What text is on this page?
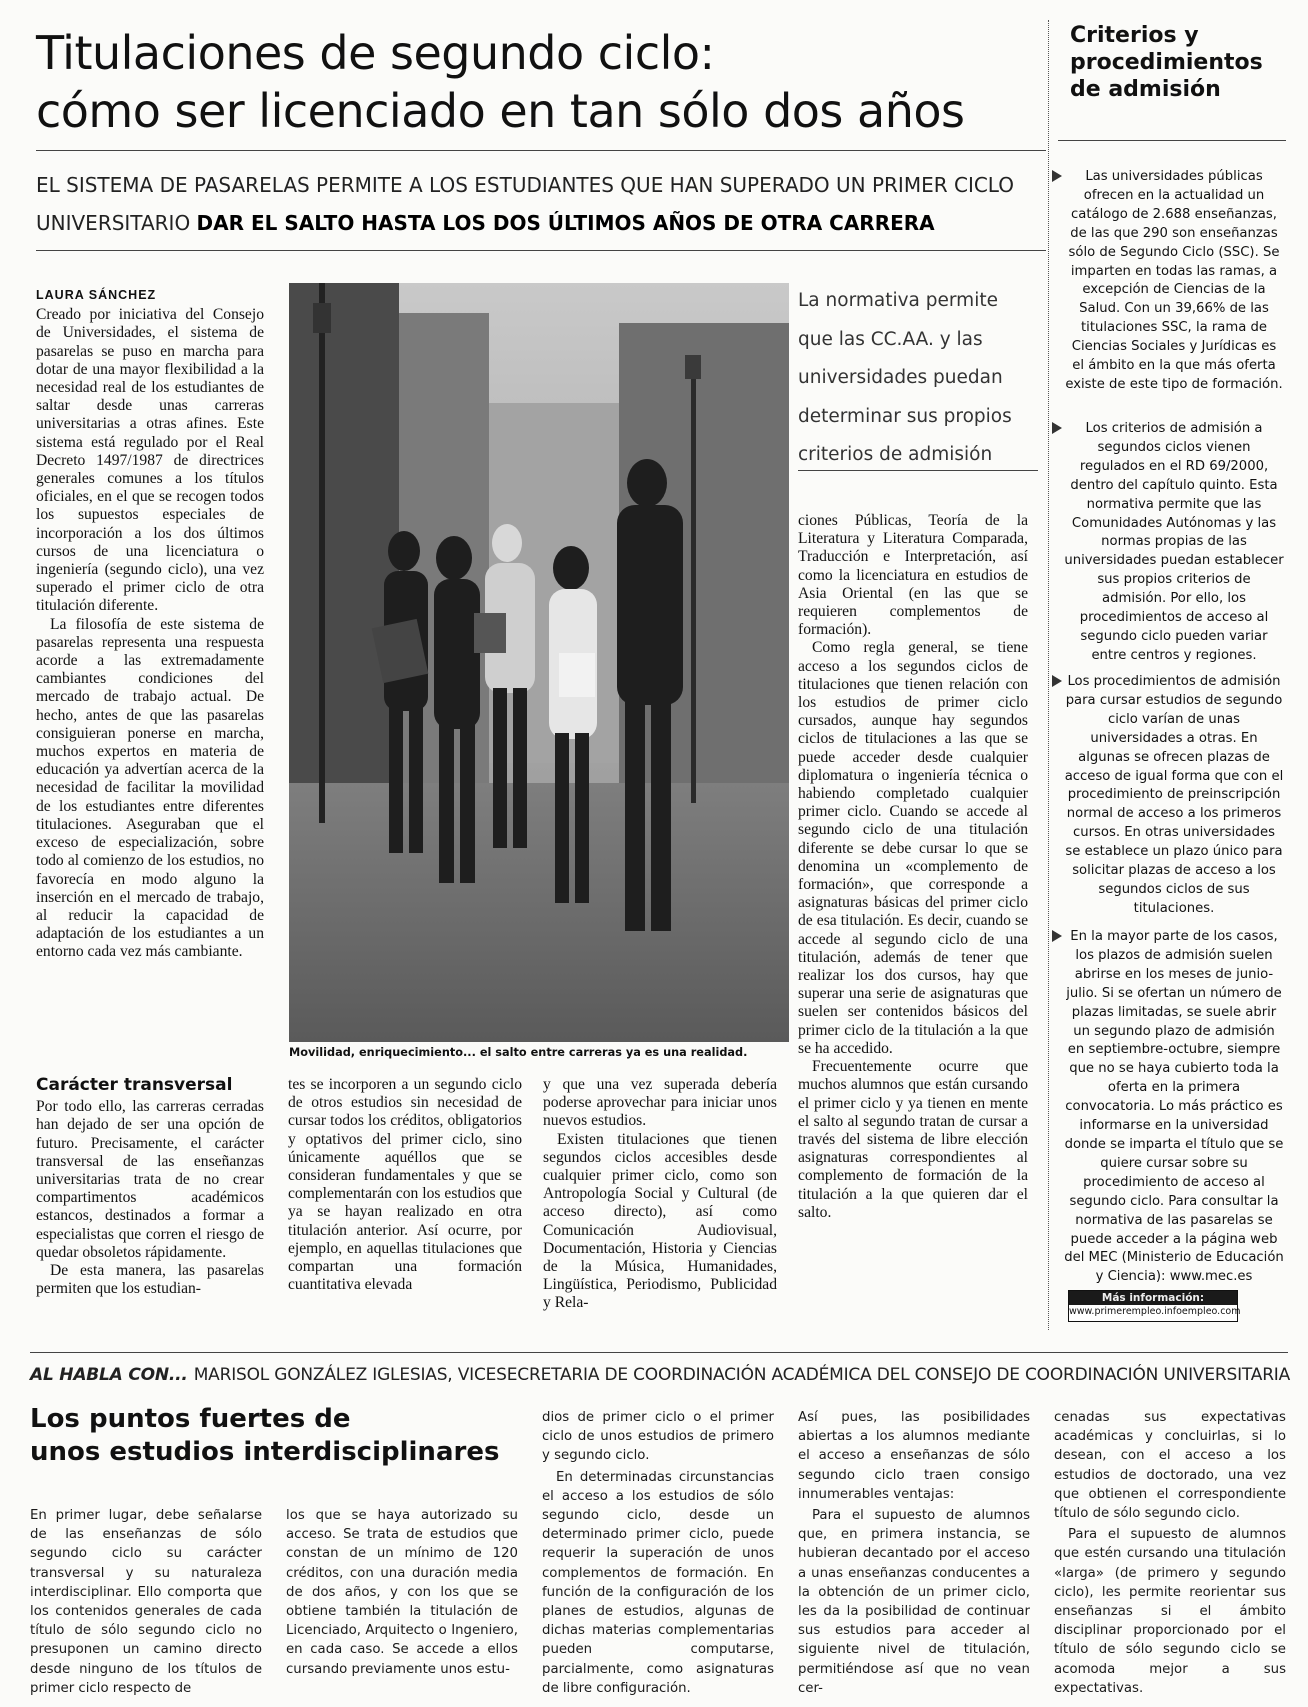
Titulaciones de segundo ciclo:
cómo ser licenciado en tan sólo dos años
EL SISTEMA DE PASARELAS PERMITE A LOS ESTUDIANTES QUE HAN SUPERADO UN PRIMER CICLO
UNIVERSITARIO DAR EL SALTO HASTA LOS DOS ÚLTIMOS AÑOS DE OTRA CARRERA
LAURA SÁNCHEZ

Creado por iniciativa del Consejo de Universidades, el sistema de pasarelas se puso en marcha para dotar de una mayor flexibilidad a la necesidad real de los estudiantes de saltar desde unas carreras universitarias a otras afines. Este sistema está regulado por el Real Decreto 1497/1987 de directrices generales comunes a los títulos oficiales, en el que se recogen todos los supuestos especiales de incorporación a los dos últimos cursos de una licenciatura o ingeniería (segundo ciclo), una vez superado el primer ciclo de otra titulación diferente.

La filosofía de este sistema de pasarelas representa una respuesta acorde a las extremadamente cambiantes condiciones del mercado de trabajo actual. De hecho, antes de que las pasarelas consiguieran ponerse en marcha, muchos expertos en materia de educación ya advertían acerca de la necesidad de facilitar la movilidad de los estudiantes entre diferentes titulaciones. Aseguraban que el exceso de especialización, sobre todo al comienzo de los estudios, no favorecía en modo alguno la inserción en el mercado de trabajo, al reducir la capacidad de adaptación de los estudiantes a un entorno cada vez más cambiante.

Carácter transversal

Por todo ello, las carreras cerradas han dejado de ser una opción de futuro. Precisamente, el carácter transversal de las enseñanzas universitarias trata de no crear compartimentos académicos estancos, destinados a formar a especialistas que corren el riesgo de quedar obsoletos rápidamente.

De esta manera, las pasarelas permiten que los estudian-

Movilidad, enriquecimiento... el salto entre carreras ya es una realidad.
La normativa permite
que las CC.AA. y las
universidades puedan
determinar sus propios
criterios de admisión

ciones Públicas, Teoría de la Literatura y Literatura Comparada, Traducción e Interpretación, así como la licenciatura en estudios de Asia Oriental (en las que se requieren complementos de formación).

Como regla general, se tiene acceso a los segundos ciclos de titulaciones que tienen relación con los estudios de primer ciclo cursados, aunque hay segundos ciclos de titulaciones a las que se puede acceder desde cualquier diplomatura o ingeniería técnica o habiendo completado cualquier primer ciclo. Cuando se accede al segundo ciclo de una titulación diferente se debe cursar lo que se denomina un «complemento de formación», que corresponde a asignaturas básicas del primer ciclo de esa titulación. Es decir, cuando se accede al segundo ciclo de una titulación, además de tener que realizar los dos cursos, hay que superar una serie de asignaturas que suelen ser contenidos básicos del primer ciclo de la titulación a la que se ha accedido.

Frecuentemente ocurre que muchos alumnos que están cursando el primer ciclo y ya tienen en mente el salto al segundo tratan de cursar a través del sistema de libre elección asignaturas correspondientes al complemento de formación de la titulación a la que quieren dar el salto.

tes se incorporen a un segundo ciclo de otros estudios sin necesidad de cursar todos los créditos, obligatorios y optativos del primer ciclo, sino únicamente aquéllos que se consideran fundamentales y que se complementarán con los estudios que ya se hayan realizado en otra titulación anterior. Así ocurre, por ejemplo, en aquellas titulaciones que compartan una formación cuantitativa elevada

y que una vez superada debería poderse aprovechar para iniciar unos nuevos estudios.

Existen titulaciones que tienen segundos ciclos accesibles desde cualquier primer ciclo, como son Antropología Social y Cultural (de acceso directo), así como Comunicación Audiovisual, Documentación, Historia y Ciencias de la Música, Humanidades, Lingüística, Periodismo, Publicidad y Rela-

Criterios y
procedimientos
de admisión
Las universidades públicas ofrecen en la actualidad un catálogo de 2.688 enseñanzas, de las que 290 son enseñanzas sólo de Segundo Ciclo (SSC). Se imparten en todas las ramas, a excepción de Ciencias de la Salud. Con un 39,66% de las titulaciones SSC, la rama de Ciencias Sociales y Jurídicas es el ámbito en la que más oferta existe de este tipo de formación.
Los criterios de admisión a segundos ciclos vienen regulados en el RD 69/2000, dentro del capítulo quinto. Esta normativa permite que las Comunidades Autónomas y las normas propias de las universidades puedan establecer sus propios criterios de admisión. Por ello, los procedimientos de acceso al segundo ciclo pueden variar entre centros y regiones.
Los procedimientos de admisión para cursar estudios de segundo ciclo varían de unas universidades a otras. En algunas se ofrecen plazas de acceso de igual forma que con el procedimiento de preinscripción normal de acceso a los primeros cursos. En otras universidades se establece un plazo único para solicitar plazas de acceso a los segundos ciclos de sus titulaciones.
En la mayor parte de los casos, los plazos de admisión suelen abrirse en los meses de junio-julio. Si se ofertan un número de plazas limitadas, se suele abrir un segundo plazo de admisión en septiembre-octubre, siempre que no se haya cubierto toda la oferta en la primera convocatoria. Lo más práctico es informarse en la universidad donde se imparta el título que se quiere cursar sobre su procedimiento de acceso al segundo ciclo. Para consultar la normativa de las pasarelas se puede acceder a la página web del MEC (Ministerio de Educación y Ciencia): www.mec.es
Más información:
www.primerempleo.infoempleo.com
AL HABLA CON... MARISOL GONZÁLEZ IGLESIAS, VICESECRETARIA DE COORDINACIÓN ACADÉMICA DEL CONSEJO DE COORDINACIÓN UNIVERSITARIA
Los puntos fuertes de
unos estudios interdisciplinares

En primer lugar, debe señalarse de las enseñanzas de sólo segundo ciclo su carácter transversal y su naturaleza interdisciplinar. Ello comporta que los contenidos generales de cada título de sólo segundo ciclo no presuponen un camino directo desde ninguno de los títulos de primer ciclo respecto de

los que se haya autorizado su acceso. Se trata de estudios que constan de un mínimo de 120 créditos, con una duración media de dos años, y con los que se obtiene también la titulación de Licenciado, Arquitecto o Ingeniero, en cada caso. Se accede a ellos cursando previamente unos estu-

dios de primer ciclo o el primer ciclo de unos estudios de primero y segundo ciclo.

En determinadas circunstancias el acceso a los estudios de sólo segundo ciclo, desde un determinado primer ciclo, puede requerir la superación de unos complementos de formación. En función de la configuración de los planes de estudios, algunas de dichas materias complementarias pueden computarse, parcialmente, como asignaturas de libre configuración.

Así pues, las posibilidades abiertas a los alumnos mediante el acceso a enseñanzas de sólo segundo ciclo traen consigo innumerables ventajas:

Para el supuesto de alumnos que, en primera instancia, se hubieran decantado por el acceso a unas enseñanzas conducentes a la obtención de un primer ciclo, les da la posibilidad de continuar sus estudios para acceder al siguiente nivel de titulación, permitiéndose así que no vean cer-

cenadas sus expectativas académicas y concluirlas, si lo desean, con el acceso a los estudios de doctorado, una vez que obtienen el correspondiente título de sólo segundo ciclo.

Para el supuesto de alumnos que estén cursando una titulación «larga» (de primero y segundo ciclo), les permite reorientar sus enseñanzas si el ámbito disciplinar proporcionado por el título de sólo segundo ciclo se acomoda mejor a sus expectativas.
